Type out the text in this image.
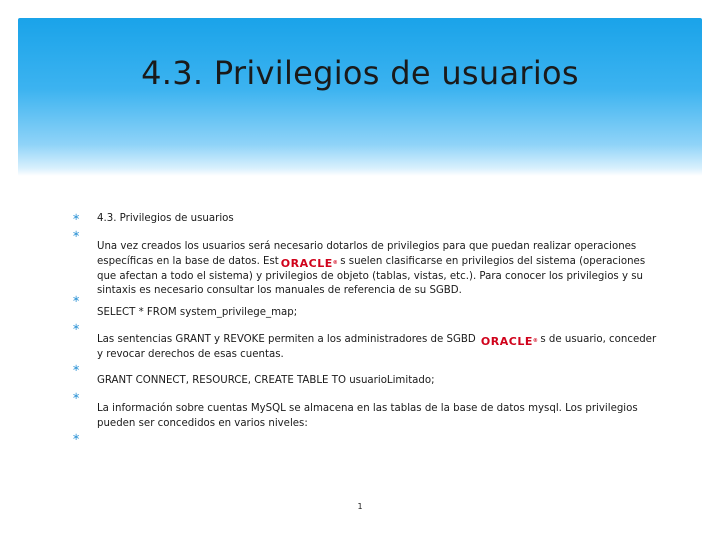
4.3. Privilegios de usuarios
∗ 4.3. Privilegios de usuarios
∗
Una vez creados los usuarios será necesario dotarlos de privilegios para que puedan realizar operaciones específicas en la base de datos. Est ORACLE® s suelen clasificarse en privilegios del sistema (operaciones que afectan a todo el sistema) y privilegios de objeto (tablas, vistas, etc.). Para conocer los privilegios y su sintaxis es necesario consultar los manuales de referencia de su SGBD.
∗
SELECT * FROM system_privilege_map;
∗
Las sentencias GRANT y REVOKE permiten a los administradores de SGBD ORACLE® s de usuario, conceder y revocar derechos de esas cuentas.
∗
GRANT CONNECT, RESOURCE, CREATE TABLE TO usuarioLimitado;
∗
La información sobre cuentas MySQL se almacena en las tablas de la base de datos mysql. Los privilegios pueden ser concedidos en varios niveles:
∗
1
